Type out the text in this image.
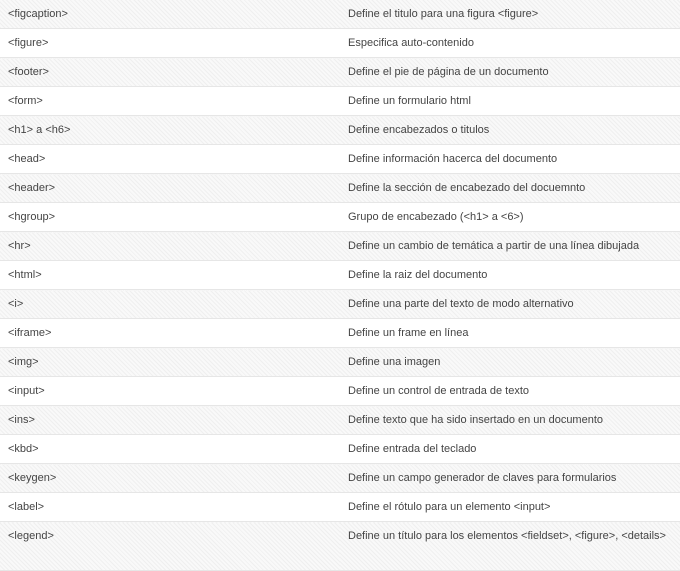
<figcaption>	Define el titulo para una figura <figure>
<figure>	Especifica auto-contenido
<footer>	Define el pie de página de un documento
<form>	Define un formulario html
<h1> a <h6>	Define encabezados o titulos
<head>	Define información hacerca del documento
<header>	Define la sección de encabezado del docuemnto
<hgroup>	Grupo de encabezado (<h1> a <6>)
<hr>	Define un cambio de temática a partir de una línea dibujada
<html>	Define la raiz del documento
<i>	Define una parte del texto de modo alternativo
<iframe>	Define un frame en línea
<img>	Define una imagen
<input>	Define un control de entrada de texto
<ins>	Define texto que ha sido insertado en un documento
<kbd>	Define entrada del teclado
<keygen>	Define un campo generador de claves para formularios
<label>	Define el rótulo para un elemento <input>
<legend>	Define un título para los elementos <fieldset>, <figure>, <details>
